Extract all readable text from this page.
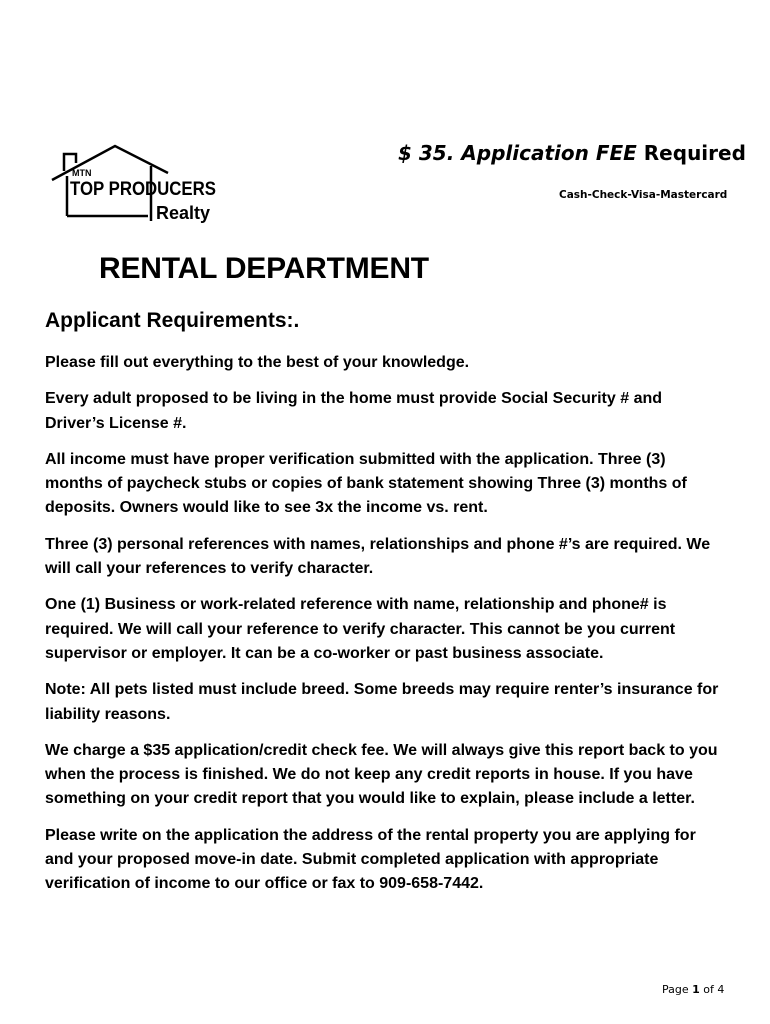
MTN
TOP PRODUCERS
Realty
$ 35. Application FEE Required
Cash-Check-Visa-Mastercard
RENTAL DEPARTMENT
Applicant Requirements:.

Please fill out everything to the best of your knowledge.

Every adult proposed to be living in the home must provide Social Security # and Driver’s License #.

All income must have proper verification submitted with the application. Three (3) months of paycheck stubs or copies of bank statement showing Three (3) months of deposits. Owners would like to see 3x the income vs. rent.

Three (3) personal references with names, relationships and phone #’s are required. We will call your references to verify character.

One (1) Business or work-related reference with name, relationship and phone# is required. We will call your reference to verify character. This cannot be you current supervisor or employer. It can be a co-worker or past business associate.

Note: All pets listed must include breed. Some breeds may require renter’s insurance for liability reasons.

We charge a $35 application/credit check fee. We will always give this report back to you when the process is finished. We do not keep any credit reports in house. If you have something on your credit report that you would like to explain, please include a letter.

Please write on the application the address of the rental property you are applying for and your proposed move-in date. Submit completed application with appropriate verification of income to our office or fax to 909-658-7442.

Page 1 of 4
